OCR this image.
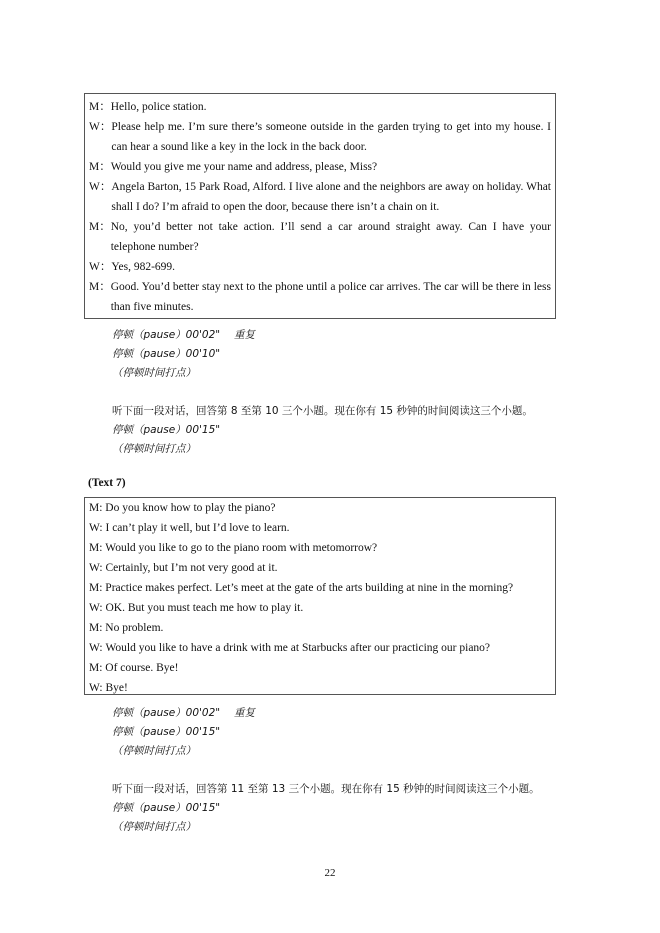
M： Hello, police station.
W： Please help me. I’m sure there’s someone outside in the garden trying to get into my house. I can hear a sound like a key in the lock in the back door.
M： Would you give me your name and address, please, Miss?
W： Angela Barton, 15 Park Road, Alford. I live alone and the neighbors are away on holiday. What shall I do? I’m afraid to open the door, because there isn’t a chain on it.
M： No, you’d better not take action. I’ll send a car around straight away. Can I have your telephone number?
W： Yes, 982-699.
M： Good. You’d better stay next to the phone until a police car arrives. The car will be there in less than five minutes.
停顿（pause）00'02"　 重复
停顿（pause）00'10"
（停顿时间打点）
听下面一段对话，回答第 8 至第 10 三个小题。现在你有 15 秒钟的时间阅读这三个小题。
停顿（pause）00'15"
（停顿时间打点）
(Text 7)
M: Do you know how to play the piano?
W: I can’t play it well, but I’d love to learn.
M: Would you like to go to the piano room with metomorrow?
W: Certainly, but I’m not very good at it.
M: Practice makes perfect. Let’s meet at the gate of the arts building at nine in the morning?
W: OK. But you must teach me how to play it.
M: No problem.
W: Would you like to have a drink with me at Starbucks after our practicing our piano?
M: Of course. Bye!
W: Bye!
停顿（pause）00'02"　 重复
停顿（pause）00'15"
（停顿时间打点）
听下面一段对话，回答第 11 至第 13 三个小题。现在你有 15 秒钟的时间阅读这三个小题。
停顿（pause）00'15"
（停顿时间打点）
22
